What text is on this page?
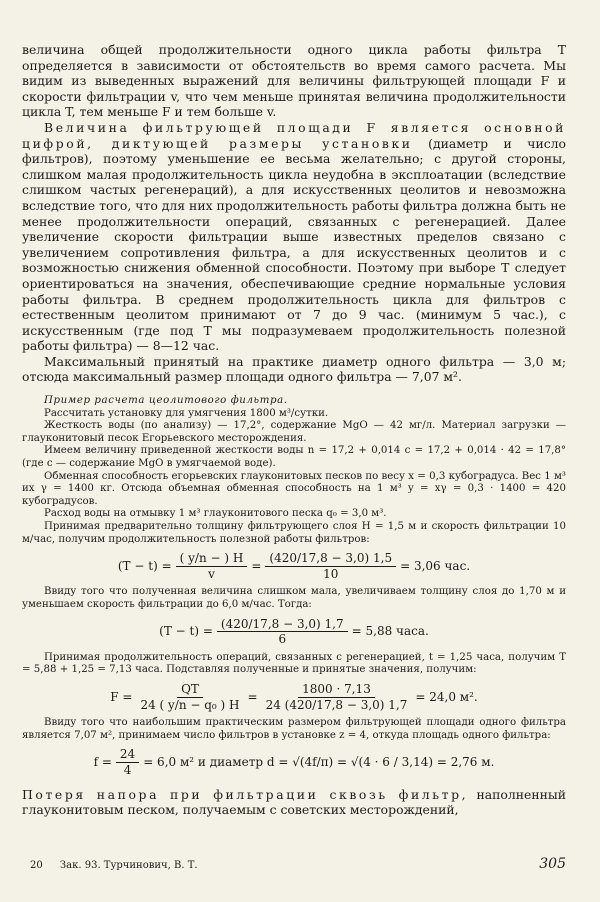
величина общей продолжительности одного цикла работы фильтра T определяется в зависимости от обстоятельств во время самого расчета. Мы видим из выведенных выражений для величины фильтрующей площади F и скорости фильтрации v, что чем меньше принятая величина продолжительности цикла T, тем меньше F и тем больше v.

Величина фильтрующей площади F является основной цифрой, диктующей размеры установки (диаметр и число фильтров), поэтому уменьшение ее весьма желательно; с другой стороны, слишком малая продолжительность цикла неудобна в эксплоатации (вследствие слишком частых регенераций), а для искусственных цеолитов и невозможна вследствие того, что для них продолжительность работы фильтра должна быть не менее продолжительности операций, связанных с регенерацией. Далее увеличение скорости фильтрации выше известных пределов связано с увеличением сопротивления фильтра, а для искусственных цеолитов и с возможностью снижения обменной способности. Поэтому при выборе T следует ориентироваться на значения, обеспечивающие средние нормальные условия работы фильтра. В среднем продолжительность цикла для фильтров с естественным цеолитом принимают от 7 до 9 час. (минимум 5 час.), с искусственным (где под T мы подразумеваем продолжительность полезной работы фильтра) — 8—12 час.

Максимальный принятый на практике диаметр одного фильтра — 3,0 м; отсюда максимальный размер площади одного фильтра — 7,07 м².

Пример расчета цеолитового фильтра.

Рассчитать установку для умягчения 1800 м³/сутки.

Жесткость воды (по анализу) — 17,2°, содержание MgO — 42 мг/л. Материал загрузки — глауконитовый песок Егорьевского месторождения.

Имеем величину приведенной жесткости воды n = 17,2 + 0,014 c = 17,2 + 0,014 · 42 = 17,8° (где c — содержание MgO в умягчаемой воде).

Обменная способность егорьевских глауконитовых песков по весу x = 0,3 кубоградуса. Вес 1 м³ их γ = 1400 кг. Отсюда объемная обменная способность на 1 м³ y = xγ = 0,3 · 1400 = 420 кубоградусов.

Расход воды на отмывку 1 м³ глауконитового песка q₀ = 3,0 м³.

Принимая предварительно толщину фильтрующего слоя H = 1,5 м и скорость фильтрации 10 м/час, получим продолжительность полезной работы фильтров:

$(T - t) = \frac{( y/n - ) H}{v} = \frac{(420/17,8 - 3,0) 1,5}{10} = 3,06$ час.

Ввиду того что полученная величина слишком мала, увеличиваем толщину слоя до 1,70 м и уменьшаем скорость фильтрации до 6,0 м/час. Тогда:

$(T - t) = \frac{(420/17,8 - 3,0) 1,7}{6} = 5,88$ часа.

Принимая продолжительность операций, связанных с регенерацией, t = 1,25 часа, получим T = 5,88 + 1,25 = 7,13 часа. Подставляя полученные и принятые значения, получим:

$F = \frac{QT}{\text{24 ( y/n − q₀ ) H}} = \frac{1800 \cdot 7,13}{24 (420/17,8 - 3,0) 1,7} = 24,0$ м².

Ввиду того что наибольшим практическим размером фильтрующей площади одного фильтра является 7,07 м², принимаем число фильтров в установке z = 4, откуда площадь одного фильтра:

$f = \frac{24}{4} = 6,0$ м² и диаметр d = √(4f/π) = √(4 · 6 / 3,14) = 2,76 м.

Потеря напора при фильтрации сквозь фильтр, наполненный глауконитовым песком, получаемым с советских месторождений,

20 Зак. 93. Турчинович, В. Т.	305
